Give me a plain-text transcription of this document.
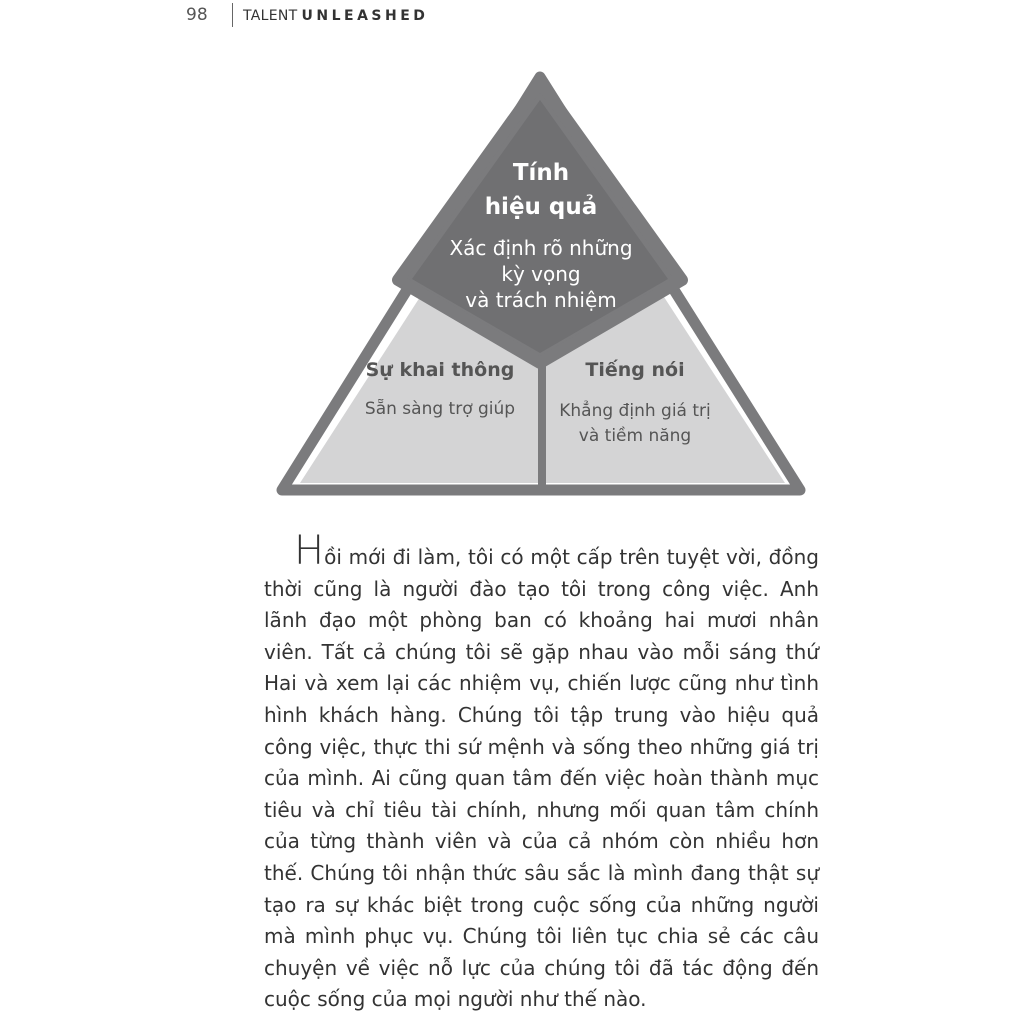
98	TALENT UNLEASHED
Tính
hiệu quả
Xác định rõ những
kỳ vọng
và trách nhiệm
Sự khai thông
Sẵn sàng trợ giúp
Tiếng nói
Khẳng định giá trị
và tiềm năng
Hồi mới đi làm, tôi có một cấp trên tuyệt vời, đồng thời cũng là người đào tạo tôi trong công việc. Anh lãnh đạo một phòng ban có khoảng hai mươi nhân viên. Tất cả chúng tôi sẽ gặp nhau vào mỗi sáng thứ Hai và xem lại các nhiệm vụ, chiến lược cũng như tình hình khách hàng. Chúng tôi tập trung vào hiệu quả công việc, thực thi sứ mệnh và sống theo những giá trị của mình. Ai cũng quan tâm đến việc hoàn thành mục tiêu và chỉ tiêu tài chính, nhưng mối quan tâm chính của từng thành viên và của cả nhóm còn nhiều hơn thế. Chúng tôi nhận thức sâu sắc là mình đang thật sự tạo ra sự khác biệt trong cuộc sống của những người mà mình phục vụ. Chúng tôi liên tục chia sẻ các câu chuyện về việc nỗ lực của chúng tôi đã tác động đến cuộc sống của mọi người như thế nào.
